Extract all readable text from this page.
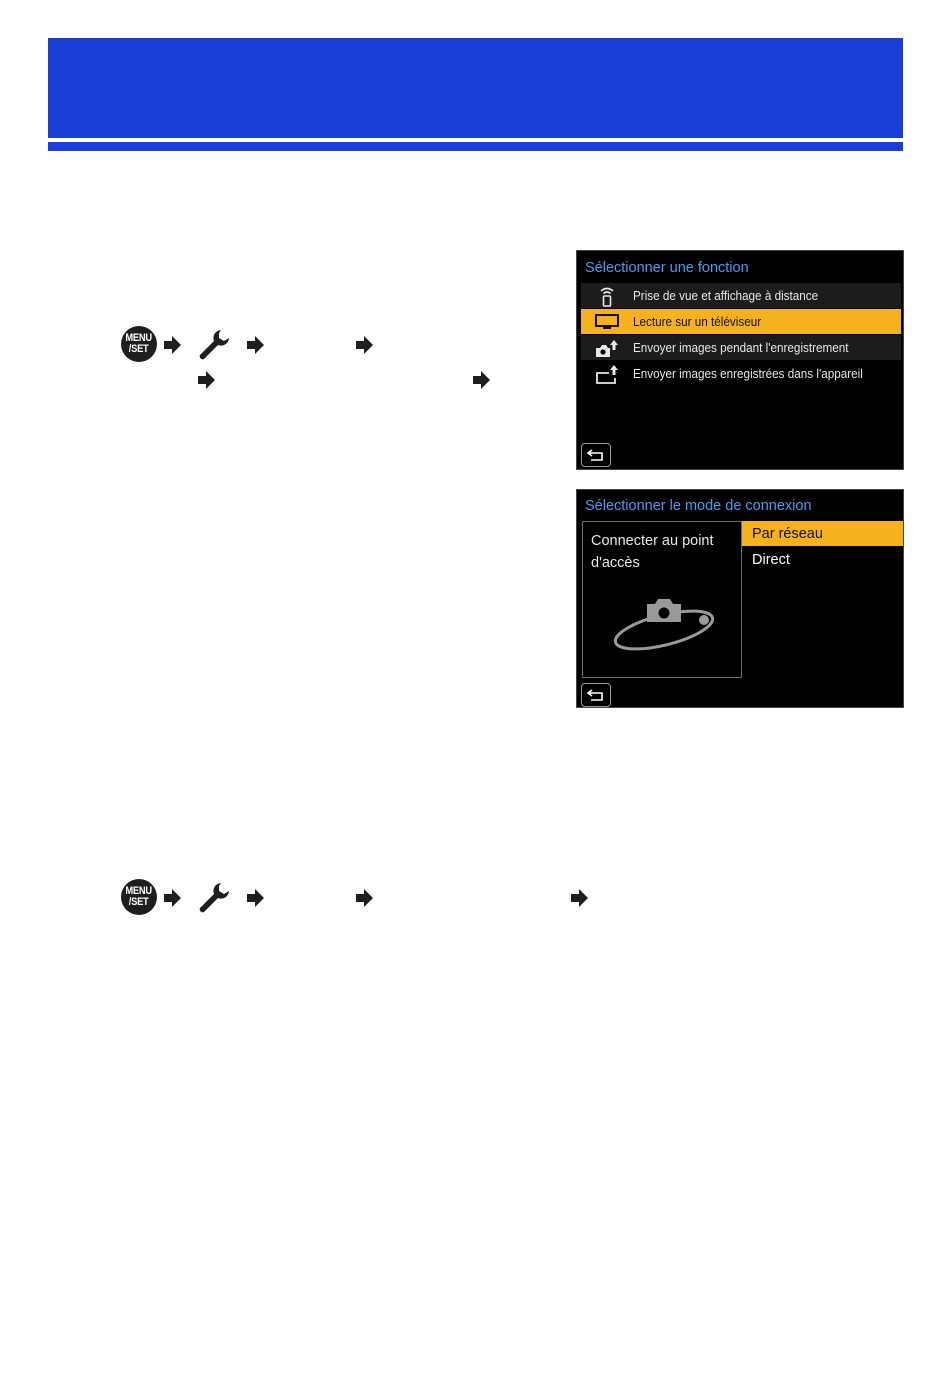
MENU
/SET
MENU
/SET
Sélectionner une fonction
Prise de vue et affichage à distance
Lecture sur un téléviseur
Envoyer images pendant l'enregistrement
Envoyer images enregistrées dans l'appareil
Sélectionner le mode de connexion
Connecter au point d'accès
Par réseau
Direct
